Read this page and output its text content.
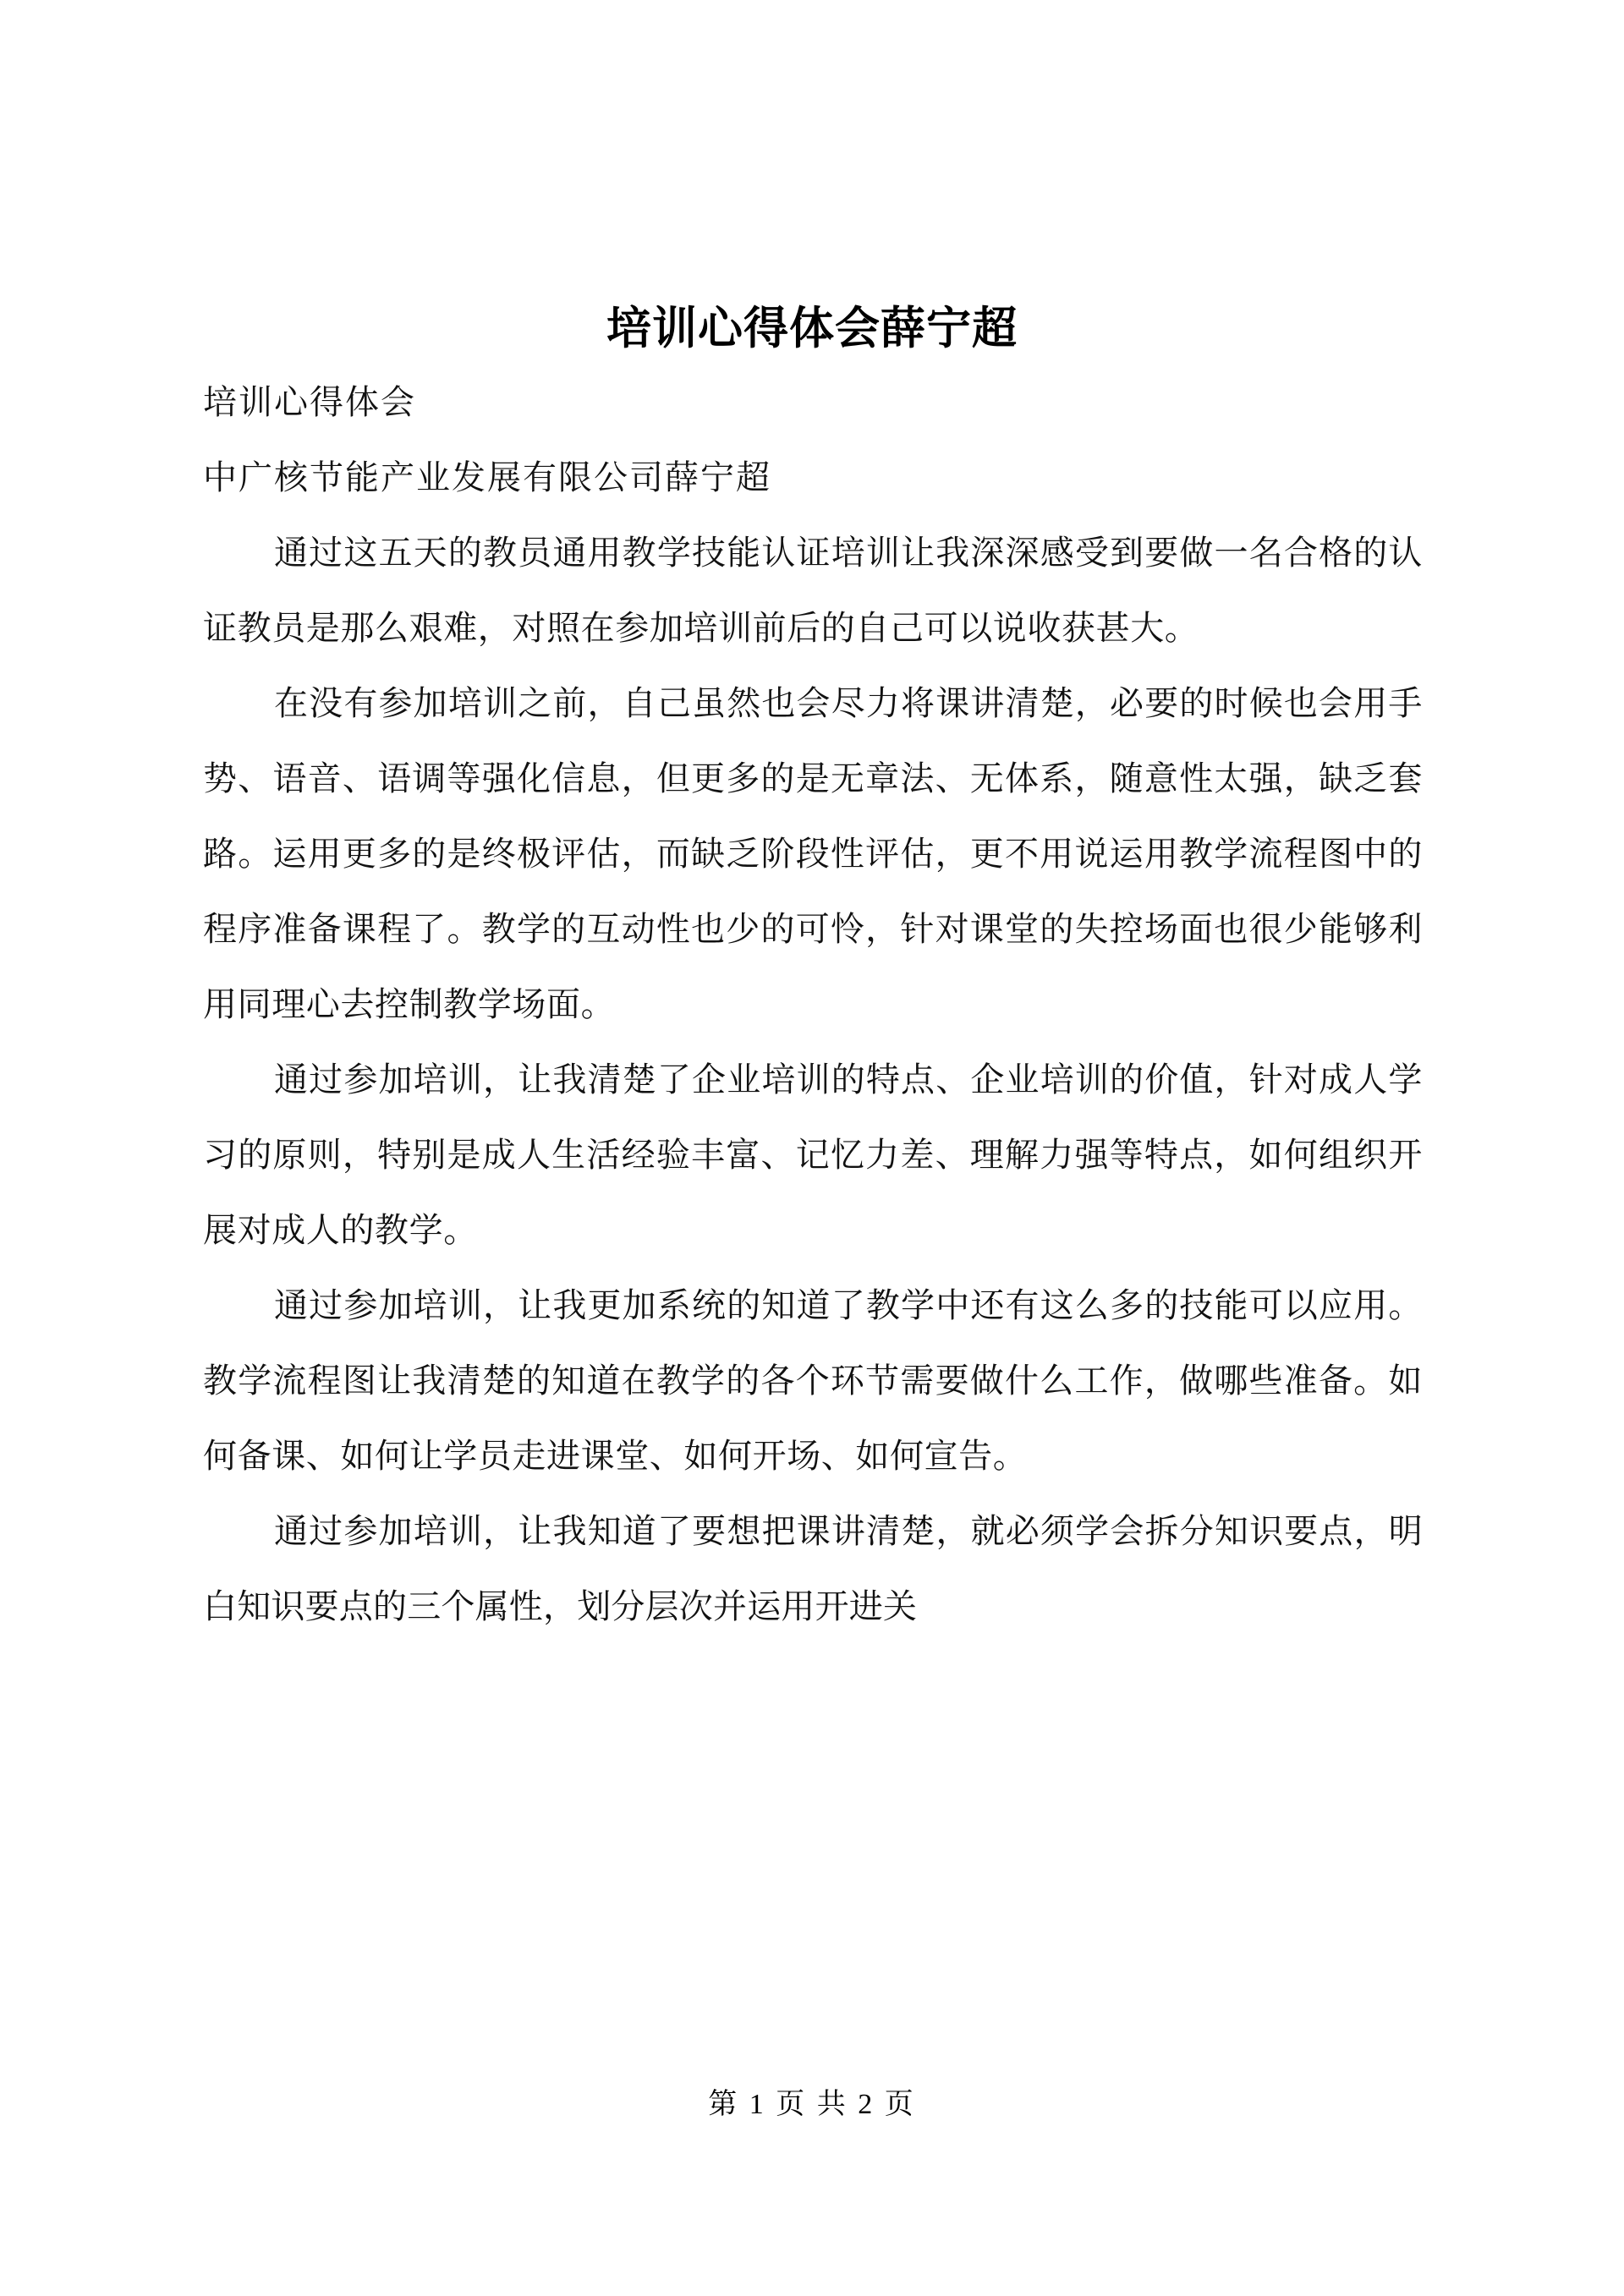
培训心得体会薛宁超

培训心得体会

中广核节能产业发展有限公司薛宁超

通过这五天的教员通用教学技能认证培训让我深深感受到要做一名合格的认证教员是那么艰难，对照在参加培训前后的自己可以说收获甚大。

在没有参加培训之前，自己虽然也会尽力将课讲清楚，必要的时候也会用手势、语音、语调等强化信息，但更多的是无章法、无体系，随意性太强，缺乏套路。运用更多的是终极评估，而缺乏阶段性评估，更不用说运用教学流程图中的程序准备课程了。教学的互动性也少的可怜，针对课堂的失控场面也很少能够利用同理心去控制教学场面。

通过参加培训，让我清楚了企业培训的特点、企业培训的价值，针对成人学习的原则，特别是成人生活经验丰富、记忆力差、理解力强等特点，如何组织开展对成人的教学。

通过参加培训，让我更加系统的知道了教学中还有这么多的技能可以应用。教学流程图让我清楚的知道在教学的各个环节需要做什么工作，做哪些准备。如何备课、如何让学员走进课堂、如何开场、如何宣告。

通过参加培训，让我知道了要想把课讲清楚，就必须学会拆分知识要点，明白知识要点的三个属性，划分层次并运用开进关

第 1 页 共 2 页
